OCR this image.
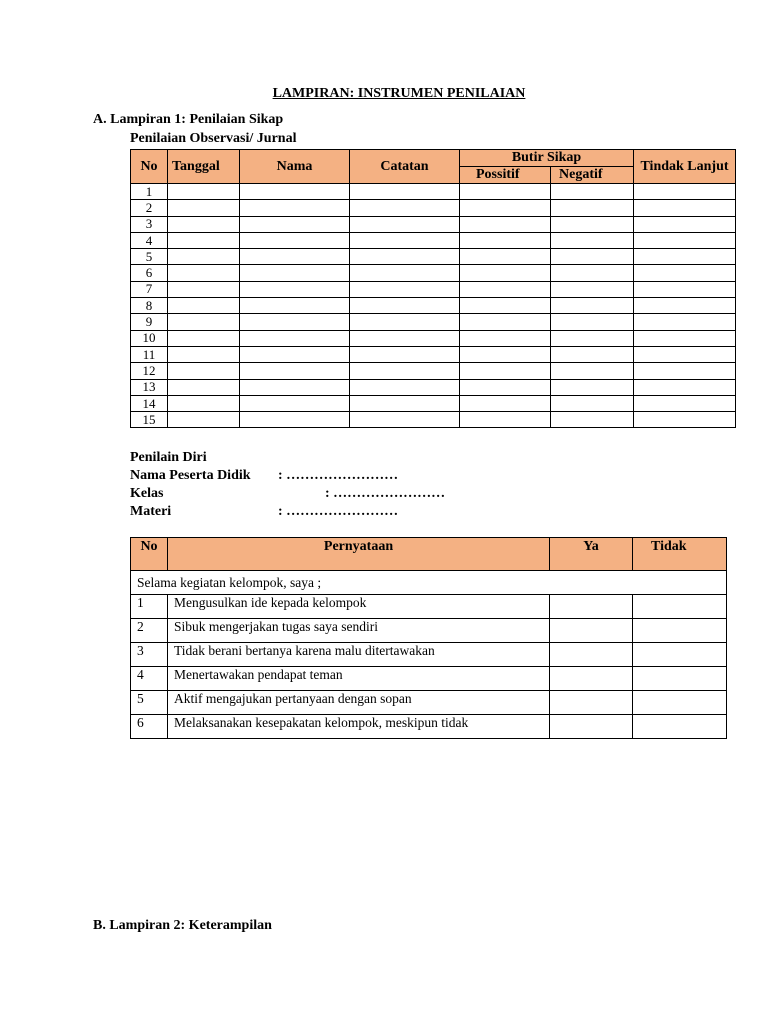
LAMPIRAN: INSTRUMEN PENILAIAN
A. Lampiran 1: Penilaian Sikap
Penilaian Observasi/ Jurnal
No	Tanggal	Nama	Catatan	Butir Sikap		Tindak Lanjut
				Possitif	Negatif	
1						
2						
3						
4						
5						
6						
7						
8						
9						
10						
11						
12						
13						
14						
15						
Penilain Diri
Nama Peserta Didik : ……………………
Kelas	: ……………………
Materi	: ……………………
No	Pernyataan	Ya	Tidak
Selama kegiatan kelompok, saya ;			
1	Mengusulkan ide kepada kelompok		
2	Sibuk mengerjakan tugas saya sendiri		
3	Tidak berani bertanya karena malu ditertawakan		
4	Menertawakan pendapat teman		
5	Aktif mengajukan pertanyaan dengan sopan		
6	Melaksanakan kesepakatan kelompok, meskipun tidak		
B. Lampiran 2: Keterampilan
